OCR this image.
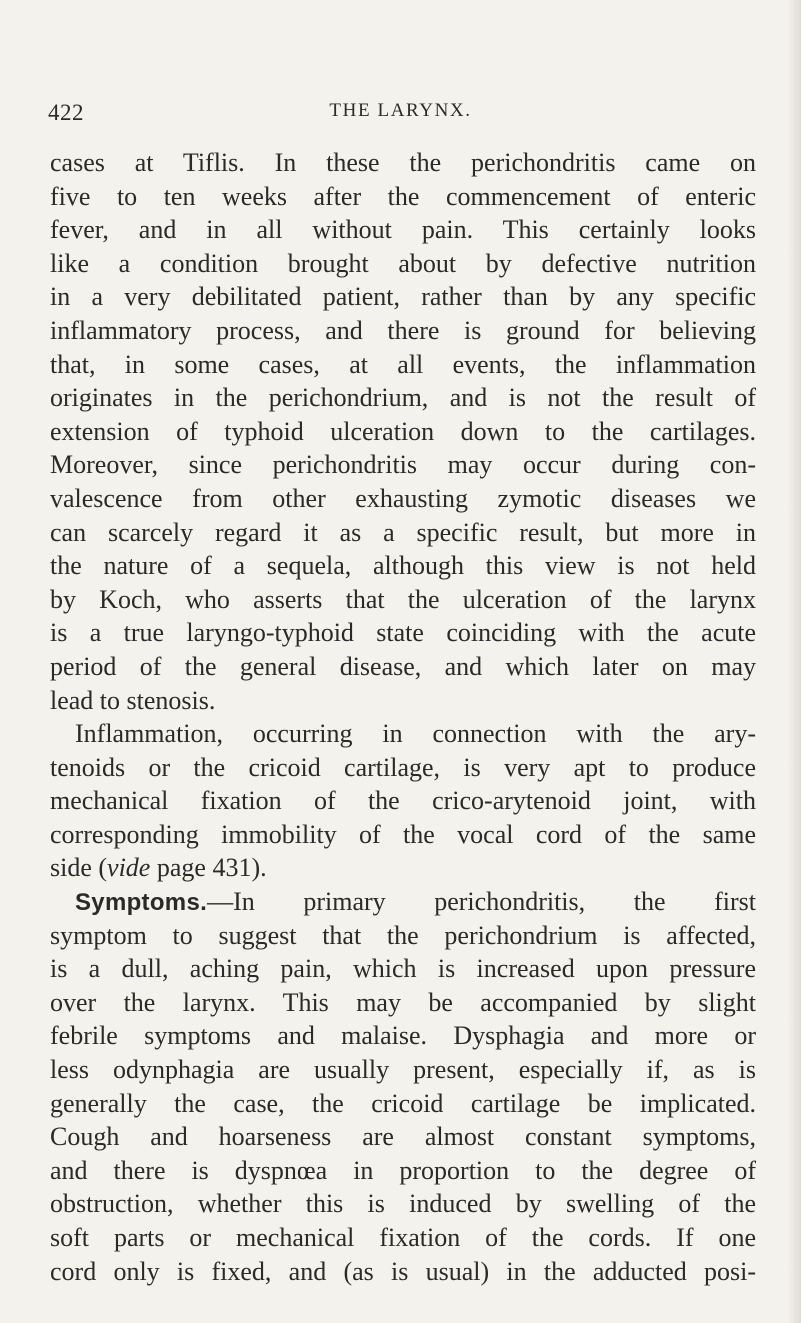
422	THE LARYNX.
cases at Tiflis. In these the perichondritis came on
five to ten weeks after the commencement of enteric
fever, and in all without pain. This certainly looks
like a condition brought about by defective nutrition
in a very debilitated patient, rather than by any specific
inflammatory process, and there is ground for believing
that, in some cases, at all events, the inflammation
originates in the perichondrium, and is not the result of
extension of typhoid ulceration down to the cartilages.
Moreover, since perichondritis may occur during con-
valescence from other exhausting zymotic diseases we
can scarcely regard it as a specific result, but more in
the nature of a sequela, although this view is not held
by Koch, who asserts that the ulceration of the larynx
is a true laryngo-typhoid state coinciding with the acute
period of the general disease, and which later on may
lead to stenosis.
Inflammation, occurring in connection with the ary-
tenoids or the cricoid cartilage, is very apt to produce
mechanical fixation of the crico-arytenoid joint, with
corresponding immobility of the vocal cord of the same
side (vide page 431).
Symptoms.—In primary perichondritis, the first
symptom to suggest that the perichondrium is affected,
is a dull, aching pain, which is increased upon pressure
over the larynx. This may be accompanied by slight
febrile symptoms and malaise. Dysphagia and more or
less odynphagia are usually present, especially if, as is
generally the case, the cricoid cartilage be implicated.
Cough and hoarseness are almost constant symptoms,
and there is dyspnœa in proportion to the degree of
obstruction, whether this is induced by swelling of the
soft parts or mechanical fixation of the cords. If one
cord only is fixed, and (as is usual) in the adducted posi-
